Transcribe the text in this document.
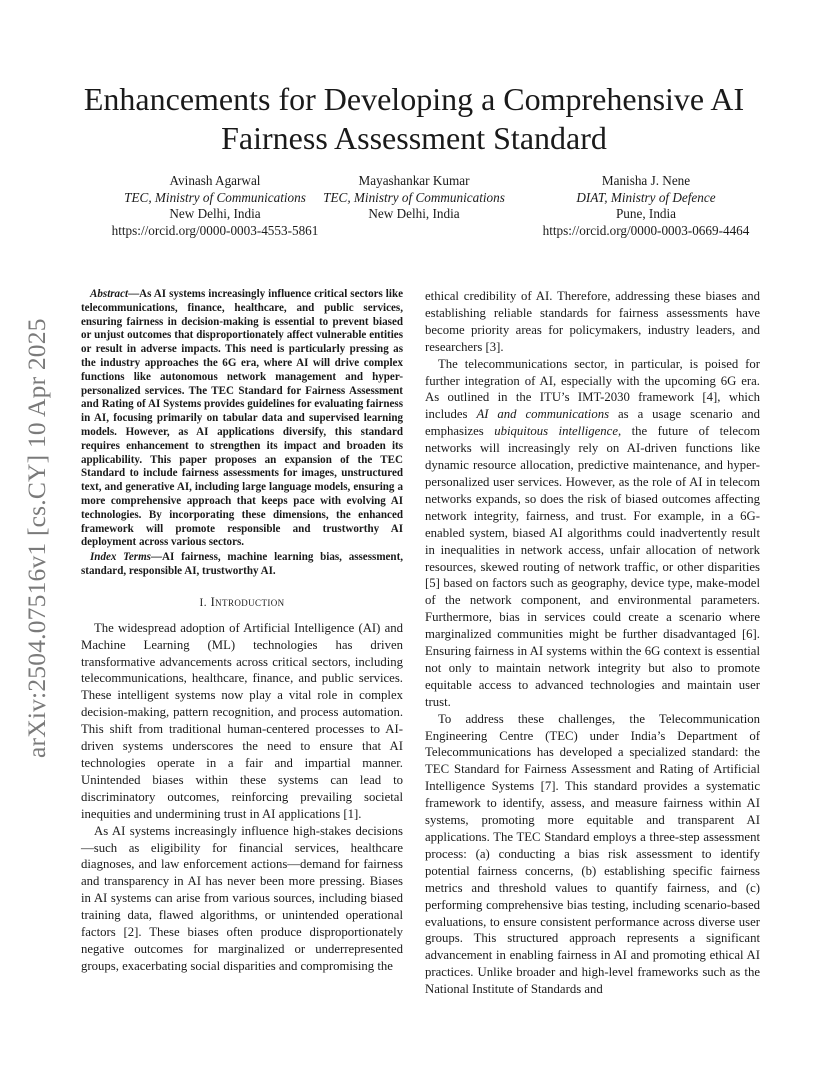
arXiv:2504.07516v1 [cs.CY] 10 Apr 2025
Enhancements for Developing a Comprehensive AI Fairness Assessment Standard
Avinash Agarwal
TEC, Ministry of Communications
New Delhi, India
https://orcid.org/0000-0003-4553-5861
Mayashankar Kumar
TEC, Ministry of Communications
New Delhi, India
Manisha J. Nene
DIAT, Ministry of Defence
Pune, India
https://orcid.org/0000-0003-0669-4464

Abstract—As AI systems increasingly influence critical sectors like telecommunications, finance, healthcare, and public services, ensuring fairness in decision-making is essential to prevent biased or unjust outcomes that disproportionately affect vulnerable entities or result in adverse impacts. This need is particularly pressing as the industry approaches the 6G era, where AI will drive complex functions like autonomous network management and hyper-personalized services. The TEC Standard for Fairness Assessment and Rating of AI Systems provides guidelines for evaluating fairness in AI, focusing primarily on tabular data and supervised learning models. However, as AI applications diversify, this standard requires enhancement to strengthen its impact and broaden its applicability. This paper proposes an expansion of the TEC Standard to include fairness assessments for images, unstructured text, and generative AI, including large language models, ensuring a more comprehensive approach that keeps pace with evolving AI technologies. By incorporating these dimensions, the enhanced framework will promote responsible and trustworthy AI deployment across various sectors.

Index Terms—AI fairness, machine learning bias, assessment, standard, responsible AI, trustworthy AI.

I. Introduction

The widespread adoption of Artificial Intelligence (AI) and Machine Learning (ML) technologies has driven transformative advancements across critical sectors, including telecommunications, healthcare, finance, and public services. These intelligent systems now play a vital role in complex decision-making, pattern recognition, and process automation. This shift from traditional human-centered processes to AI-driven systems underscores the need to ensure that AI technologies operate in a fair and impartial manner. Unintended biases within these systems can lead to discriminatory outcomes, reinforcing prevailing societal inequities and undermining trust in AI applications [1].

As AI systems increasingly influence high-stakes decisions—such as eligibility for financial services, healthcare diagnoses, and law enforcement actions—demand for fairness and transparency in AI has never been more pressing. Biases in AI systems can arise from various sources, including biased training data, flawed algorithms, or unintended operational factors [2]. These biases often produce disproportionately negative outcomes for marginalized or underrepresented groups, exacerbating social disparities and compromising the

ethical credibility of AI. Therefore, addressing these biases and establishing reliable standards for fairness assessments have become priority areas for policymakers, industry leaders, and researchers [3].

The telecommunications sector, in particular, is poised for further integration of AI, especially with the upcoming 6G era. As outlined in the ITU’s IMT-2030 framework [4], which includes AI and communications as a usage scenario and emphasizes ubiquitous intelligence, the future of telecom networks will increasingly rely on AI-driven functions like dynamic resource allocation, predictive maintenance, and hyper-personalized user services. However, as the role of AI in telecom networks expands, so does the risk of biased outcomes affecting network integrity, fairness, and trust. For example, in a 6G-enabled system, biased AI algorithms could inadvertently result in inequalities in network access, unfair allocation of network resources, skewed routing of network traffic, or other disparities [5] based on factors such as geography, device type, make-model of the network component, and environmental parameters. Furthermore, bias in services could create a scenario where marginalized communities might be further disadvantaged [6]. Ensuring fairness in AI systems within the 6G context is essential not only to maintain network integrity but also to promote equitable access to advanced technologies and maintain user trust.

To address these challenges, the Telecommunication Engineering Centre (TEC) under India’s Department of Telecommunications has developed a specialized standard: the TEC Standard for Fairness Assessment and Rating of Artificial Intelligence Systems [7]. This standard provides a systematic framework to identify, assess, and measure fairness within AI systems, promoting more equitable and transparent AI applications. The TEC Standard employs a three-step assessment process: (a) conducting a bias risk assessment to identify potential fairness concerns, (b) establishing specific fairness metrics and threshold values to quantify fairness, and (c) performing comprehensive bias testing, including scenario-based evaluations, to ensure consistent performance across diverse user groups. This structured approach represents a significant advancement in enabling fairness in AI and promoting ethical AI practices. Unlike broader and high-level frameworks such as the National Institute of Standards and
